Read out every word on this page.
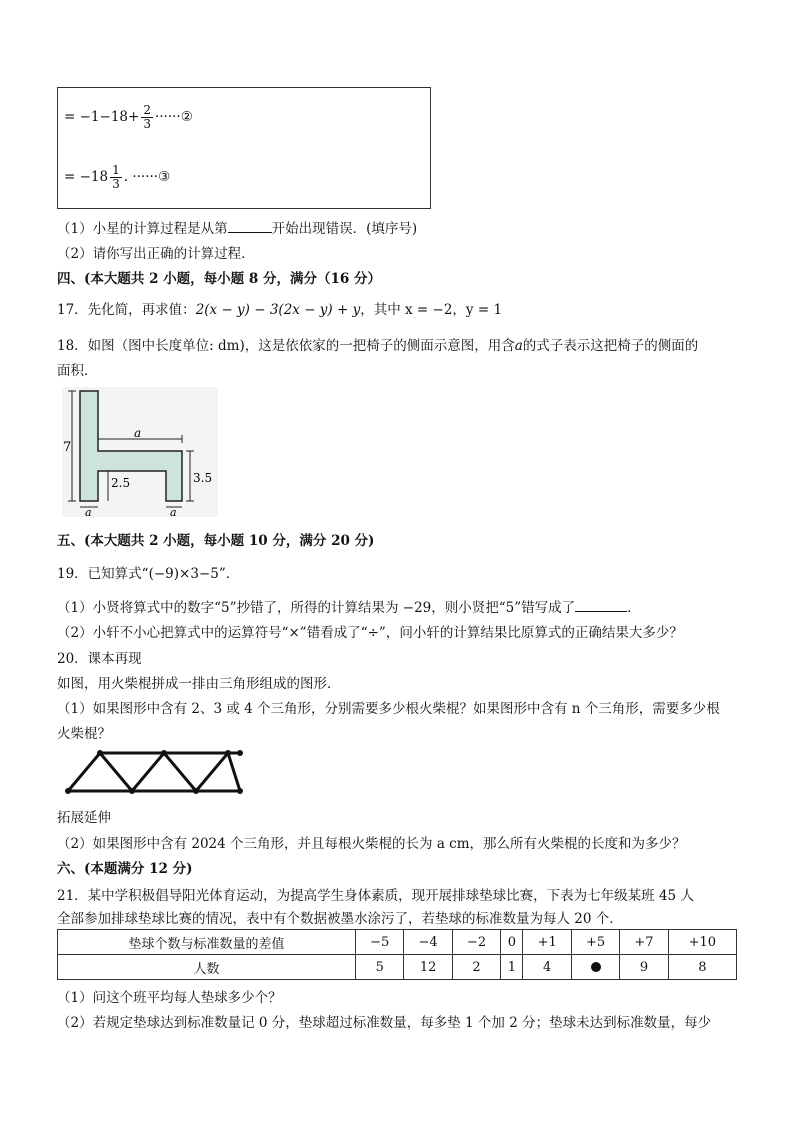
= $-1-18+ \frac{2}{3}$ ······②
= $-18 \frac{1}{3}$ . ······③
（1）小星的计算过程是从第	开始出现错误．(填序号)
（2）请你写出正确的计算过程．
四、(本大题共 2 小题，每小题 8 分，满分（16 分）
17．先化简，再求值：2(x − y) − 3(2x − y) + y，其中 x = −2，y = 1
18．如图（图中长度单位: dm)，这是依依家的一把椅子的侧面示意图，用含a的式子表示这把椅子的侧面的
面积．
7
a
2.5	3.5
a	a
五、(本大题共 2 小题，每小题 10 分，满分 20 分)
19．已知算式“(−9)×3−5”．
（1）小贤将算式中的数字“5”抄错了，所得的计算结果为 −29，则小贤把“5”错写成了	．
（2）小轩不小心把算式中的运算符号“×”错看成了“÷”，问小轩的计算结果比原算式的正确结果大多少？
20．课本再现
如图，用火柴棍拼成一排由三角形组成的图形．
（1）如果图形中含有 2、3 或 4 个三角形，分别需要多少根火柴棍？如果图形中含有 n 个三角形，需要多少根
火柴棍？
拓展延伸
（2）如果图形中含有 2024 个三角形，并且每根火柴棍的长为 a cm，那么所有火柴棍的长度和为多少？
六、(本题满分 12 分)
21．某中学积极倡导阳光体育运动，为提高学生身体素质，现开展排球垫球比赛，下表为七年级某班 45 人
全部参加排球垫球比赛的情况，表中有个数据被墨水涂污了，若垫球的标准数量为每人 20 个．
垫球个数与标准数量的差值	−5	−4	−2	0	+1	+5	+7	+10
人数	5	12	2	1	4		9	8
（1）问这个班平均每人垫球多少个？
（2）若规定垫球达到标准数量记 0 分，垫球超过标准数量，每多垫 1 个加 2 分；垫球未达到标准数量，每少
